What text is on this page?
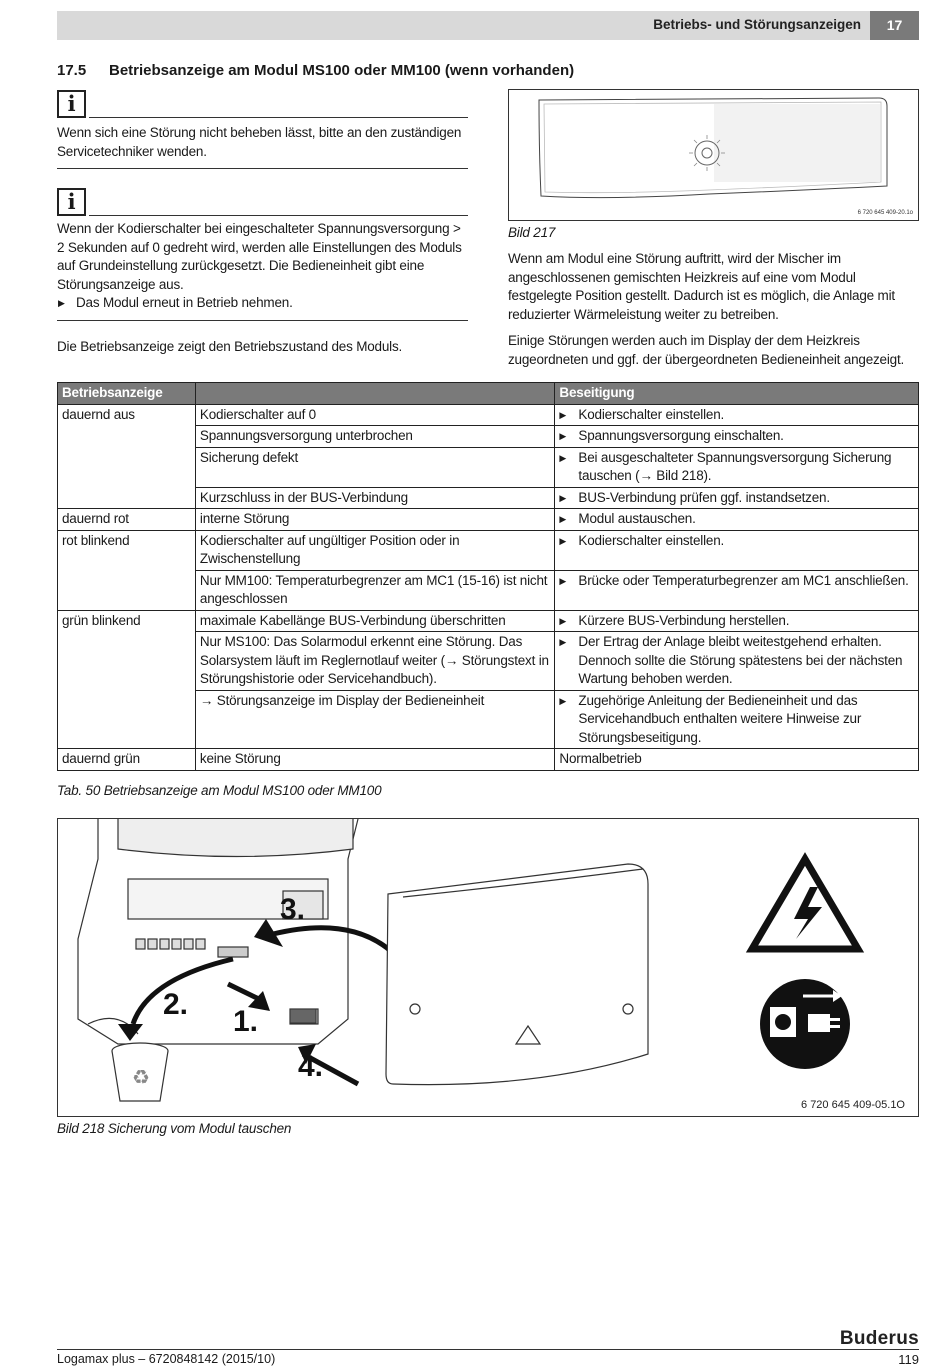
Betriebs- und Störungsanzeigen	17
17.5 Betriebsanzeige am Modul MS100 oder MM100 (wenn vorhanden)
i

Wenn sich eine Störung nicht beheben lässt, bitte an den zuständigen Servicetechniker wenden.

i

Wenn der Kodierschalter bei eingeschalteter Spannungsversorgung > 2 Sekunden auf 0 gedreht wird, werden alle Einstellungen des Moduls auf Grundeinstellung zurückgesetzt. Die Bedieneinheit gibt eine Störungsanzeige aus.

▶ Das Modul erneut in Betrieb nehmen.

Die Betriebsanzeige zeigt den Betriebszustand des Moduls.

6 720 645 409-20.1o
Bild 217

Wenn am Modul eine Störung auftritt, wird der Mischer im angeschlossenen gemischten Heizkreis auf eine vom Modul festgelegte Position gestellt. Dadurch ist es möglich, die Anlage mit reduzierter Wärmeleistung weiter zu betreiben.

Einige Störungen werden auch im Display der dem Heizkreis zugeordneten und ggf. der übergeordneten Bedieneinheit angezeigt.

Betriebsanzeige		Beseitigung
dauernd aus	Kodierschalter auf 0	▶ Kodierschalter einstellen.

	Spannungsversorgung unterbrochen	▶ Spannungsversorgung einschalten.

	Sicherung defekt	▶ Bei ausgeschalteter Spannungsversorgung Sicherung tauschen (→ Bild 218).

	Kurzschluss in der BUS-Verbindung	▶ BUS-Verbindung prüfen ggf. instandsetzen.

dauernd rot	interne Störung	▶ Modul austauschen.

rot blinkend	Kodierschalter auf ungültiger Position oder in Zwischenstellung	▶ Kodierschalter einstellen.

	Nur MM100: Temperaturbegrenzer am MC1 (15-16) ist nicht angeschlossen	▶ Brücke oder Temperaturbegrenzer am MC1 anschließen.

grün blinkend	maximale Kabellänge BUS-Verbindung überschritten	▶ Kürzere BUS-Verbindung herstellen.

	Nur MS100: Das Solarmodul erkennt eine Störung. Das Solarsystem läuft im Reglernotlauf weiter (→ Störungstext in Störungshistorie oder Servicehandbuch).	▶ Der Ertrag der Anlage bleibt weitestgehend erhalten. Dennoch sollte die Störung spätestens bei der nächsten Wartung behoben werden.

	→ Störungsanzeige im Display der Bedieneinheit	▶ Zugehörige Anleitung der Bedieneinheit und das Servicehandbuch enthalten weitere Hinweise zur Störungsbeseitigung.

dauernd grün	keine Störung	Normalbetrieb
Tab. 50 Betriebsanzeige am Modul MS100 oder MM100
♻
1.
2.
3.
4.
6 720 645 409-05.1O
Bild 218 Sicherung vom Modul tauschen
Buderus
Logamax plus – 6720848142 (2015/10)	119
